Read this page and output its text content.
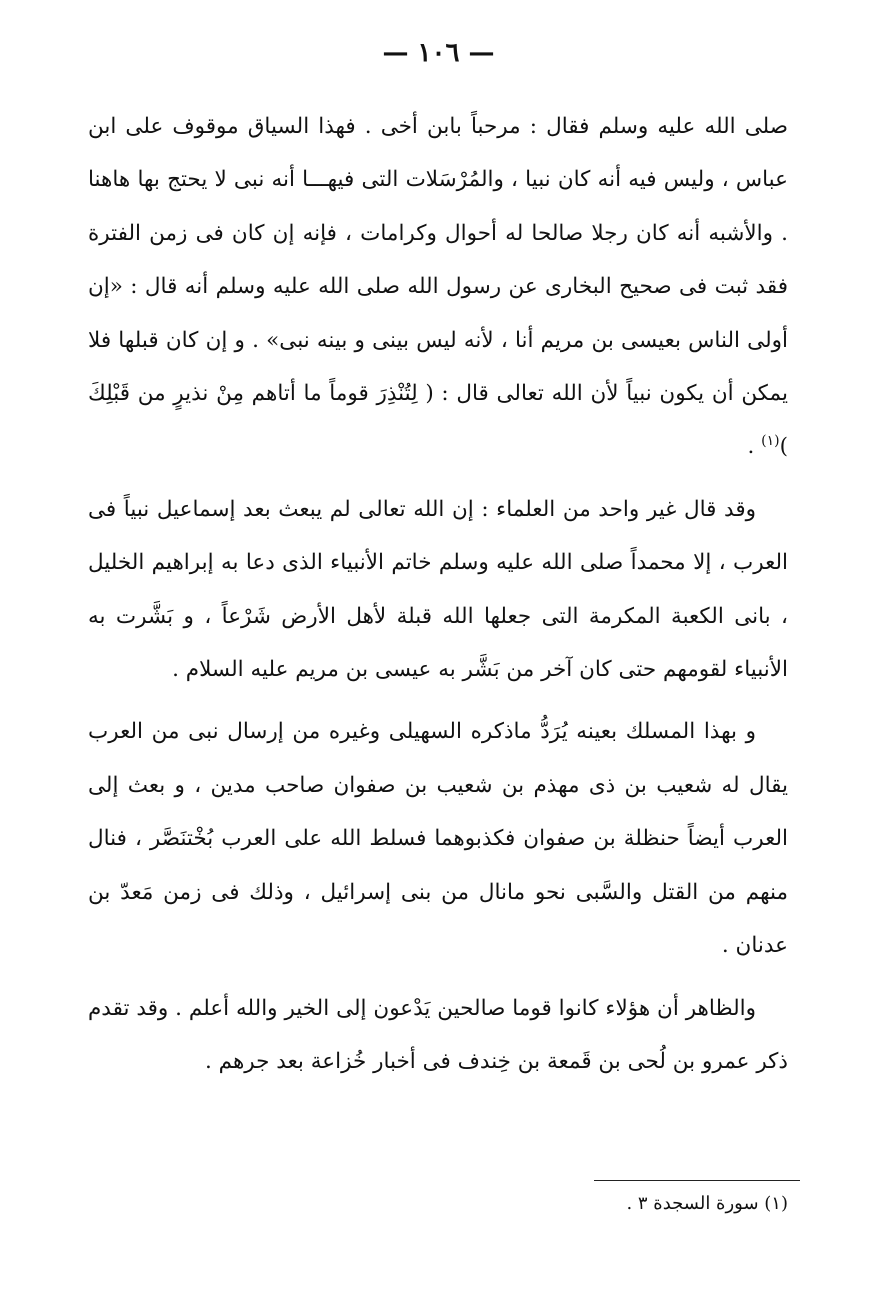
— ١٠٦ —

صلى الله عليه وسلم فقال : مرحباً بابن أخى . فهذا السياق موقوف على ابن عباس ، وليس فيه أنه كان نبيا ، والمُرْسَلات التى فيهـــا أنه نبى لا يحتج بها هاهنا . والأشبه أنه كان رجلا صالحا له أحوال وكرامات ، فإنه إن كان فى زمن الفترة فقد ثبت فى صحيح البخارى عن رسول الله صلى الله عليه وسلم أنه قال : «إن أولى الناس بعيسى بن مريم أنا ، لأنه ليس بينى و بينه نبى» . و إن كان قبلها فلا يمكن أن يكون نبياً لأن الله تعالى قال : ( لِتُنْذِرَ قوماً ما أتاهم مِنْ نذيرٍ من قَبْلِكَ )$^{(١)}$ .

وقد قال غير واحد من العلماء : إن الله تعالى لم يبعث بعد إسماعيل نبياً فى العرب ، إلا محمداً صلى الله عليه وسلم خاتم الأنبياء الذى دعا به إبراهيم الخليل ، بانى الكعبة المكرمة التى جعلها الله قبلة لأهل الأرض شَرْعاً ، و بَشَّرت به الأنبياء لقومهم حتى كان آخر من بَشَّر به عيسى بن مريم عليه السلام .

و بهذا المسلك بعينه يُرَدُّ ماذكره السهيلى وغيره من إرسال نبى من العرب يقال له شعيب بن ذى مهذم بن شعيب بن صفوان صاحب مدين ، و بعث إلى العرب أيضاً حنظلة بن صفوان فكذبوهما فسلط الله على العرب بُخْتنَصَّر ، فنال منهم من القتل والسَّبى نحو مانال من بنى إسرائيل ، وذلك فى زمن مَعدّ بن عدنان .

والظاهر أن هؤلاء كانوا قوما صالحين يَدْعون إلى الخير والله أعلم . وقد تقدم ذكر عمرو بن لُحى بن قَمعة بن خِندف فى أخبار خُزاعة بعد جرهم .

(١) سورة السجدة ٣ .
